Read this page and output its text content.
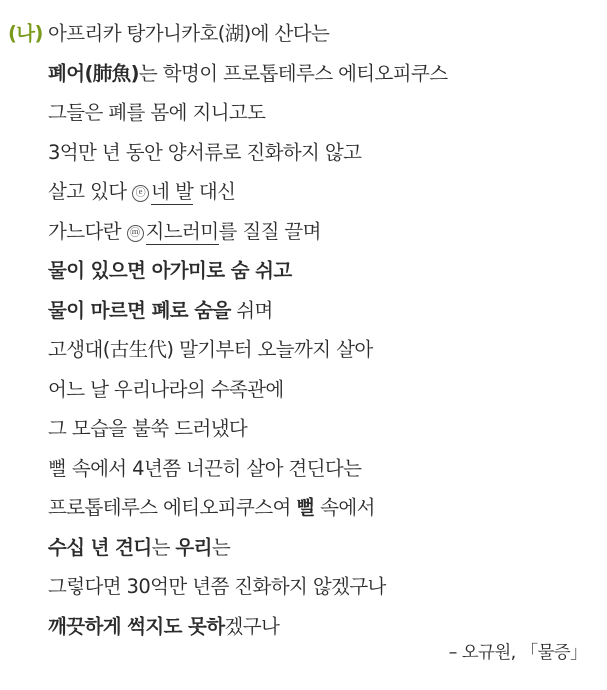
(나) 아프리카 탕가니카호(湖)에 산다는
폐어(肺魚)는 학명이 프로톱테루스 에티오피쿠스
그들은 폐를 몸에 지니고도
3억만 년 동안 양서류로 진화하지 않고
살고 있다 ⓔ 네 발 대신
가느다란 ⓜ 지느러미를 질질 끌며
물이 있으면 아가미로 숨 쉬고
물이 마르면 폐로 숨을 쉬며
고생대(古生代) 말기부터 오늘까지 살아
어느 날 우리나라의 수족관에
그 모습을 불쑥 드러냈다
뻘 속에서 4년쯤 너끈히 살아 견딘다는
프로톱테루스 에티오피쿠스여 뻘 속에서
수십 년 견디는 우리는
그렇다면 30억만 년쯤 진화하지 않겠구나
깨끗하게 썩지도 못하겠구나
– 오규원, 「물증」
